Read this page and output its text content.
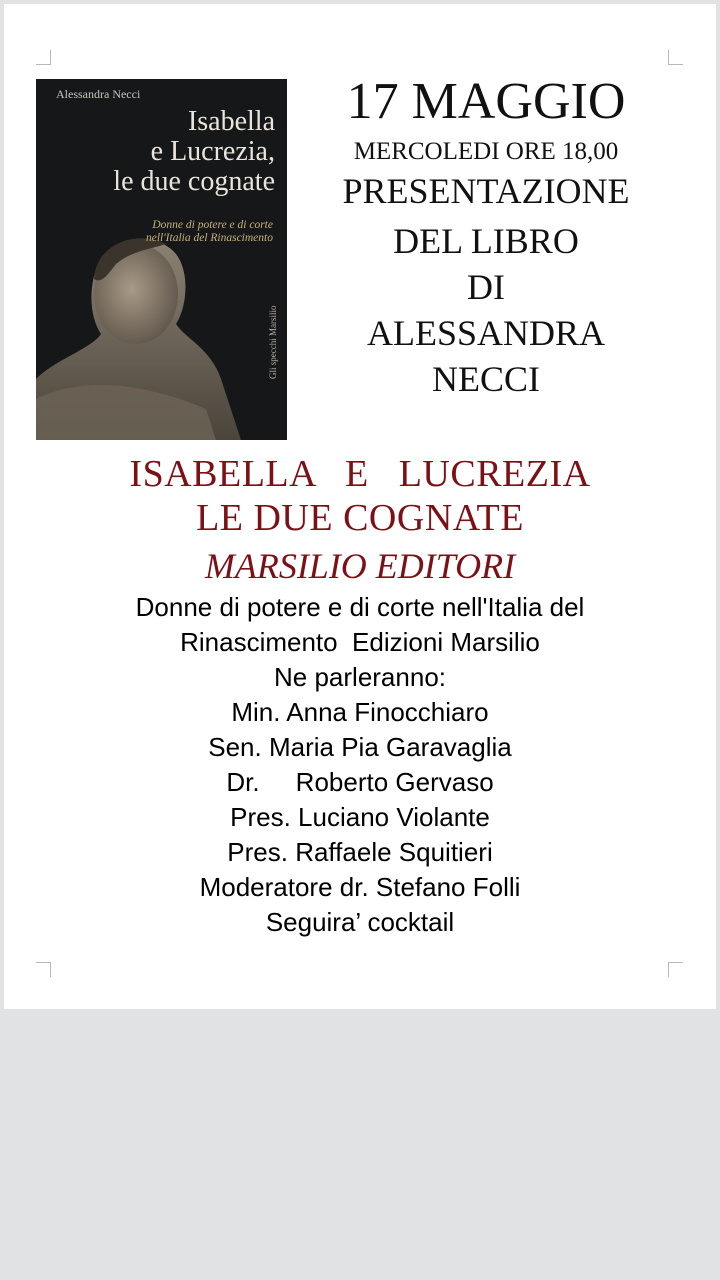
Alessandra Necci
Isabella
e Lucrezia,
le due cognate
Donne di potere e di corte
nell'Italia del Rinascimento
Gli specchi Marsilio
17 MAGGIO
MERCOLEDI ORE 18,00
PRESENTAZIONE
DEL LIBRO
DI
ALESSANDRA
NECCI
ISABELLA   E   LUCREZIA
LE DUE COGNATE
MARSILIO EDITORI
Donne di potere e di corte nell'Italia del
Rinascimento  Edizioni Marsilio
Ne parleranno:
Min. Anna Finocchiaro
Sen. Maria Pia Garavaglia
Dr.     Roberto Gervaso
Pres. Luciano Violante
Pres. Raffaele Squitieri
Moderatore dr. Stefano Folli
Seguira’ cocktail
